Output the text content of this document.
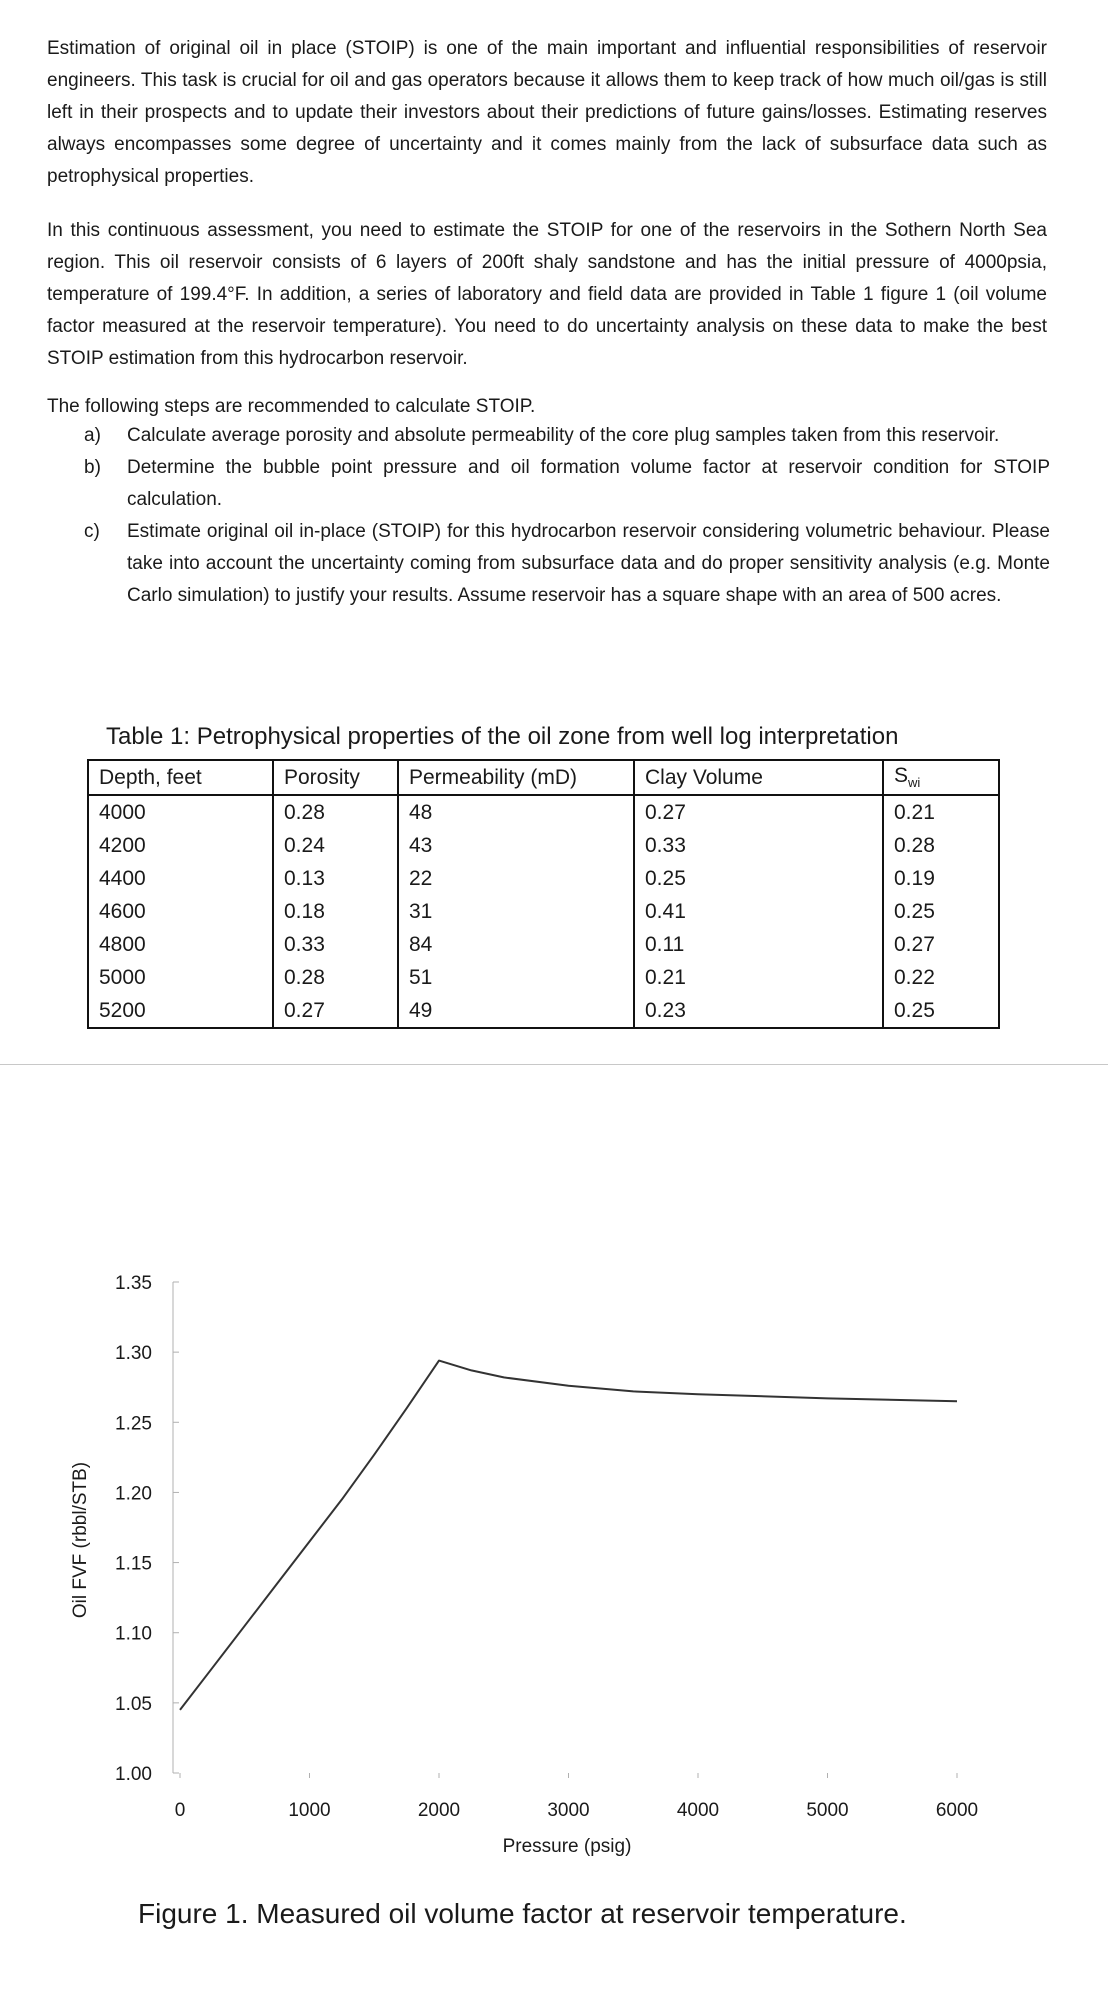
Estimation of original oil in place (STOIP) is one of the main important and influential responsibilities of reservoir engineers. This task is crucial for oil and gas operators because it allows them to keep track of how much oil/gas is still left in their prospects and to update their investors about their predictions of future gains/losses. Estimating reserves always encompasses some degree of uncertainty and it comes mainly from the lack of subsurface data such as petrophysical properties.

In this continuous assessment, you need to estimate the STOIP for one of the reservoirs in the Sothern North Sea region. This oil reservoir consists of 6 layers of 200ft shaly sandstone and has the initial pressure of 4000psia, temperature of 199.4°F. In addition, a series of laboratory and field data are provided in Table 1 figure 1 (oil volume factor measured at the reservoir temperature). You need to do uncertainty analysis on these data to make the best STOIP estimation from this hydrocarbon reservoir.

The following steps are recommended to calculate STOIP.

a) Calculate average porosity and absolute permeability of the core plug samples taken from this reservoir.
b) Determine the bubble point pressure and oil formation volume factor at reservoir condition for STOIP calculation.
c) Estimate original oil in-place (STOIP) for this hydrocarbon reservoir considering volumetric behaviour. Please take into account the uncertainty coming from subsurface data and do proper sensitivity analysis (e.g. Monte Carlo simulation) to justify your results. Assume reservoir has a square shape with an area of 500 acres.
Table 1: Petrophysical properties of the oil zone from well log interpretation
Depth, feet	Porosity	Permeability (mD)	Clay Volume	$S_{wi}$
4000	0.28	48	0.27	0.21
4200	0.24	43	0.33	0.28
4400	0.13	22	0.25	0.19
4600	0.18	31	0.41	0.25
4800	0.33	84	0.11	0.27
5000	0.28	51	0.21	0.22
5200	0.27	49	0.23	0.25
1.00
1.05
1.10
1.15
1.20
1.25
1.30
1.35
0	1000	2000	3000	4000	5000	6000
Pressure (psig)
Oil FVF (rbbl/STB)
Figure 1. Measured oil volume factor at reservoir temperature.
